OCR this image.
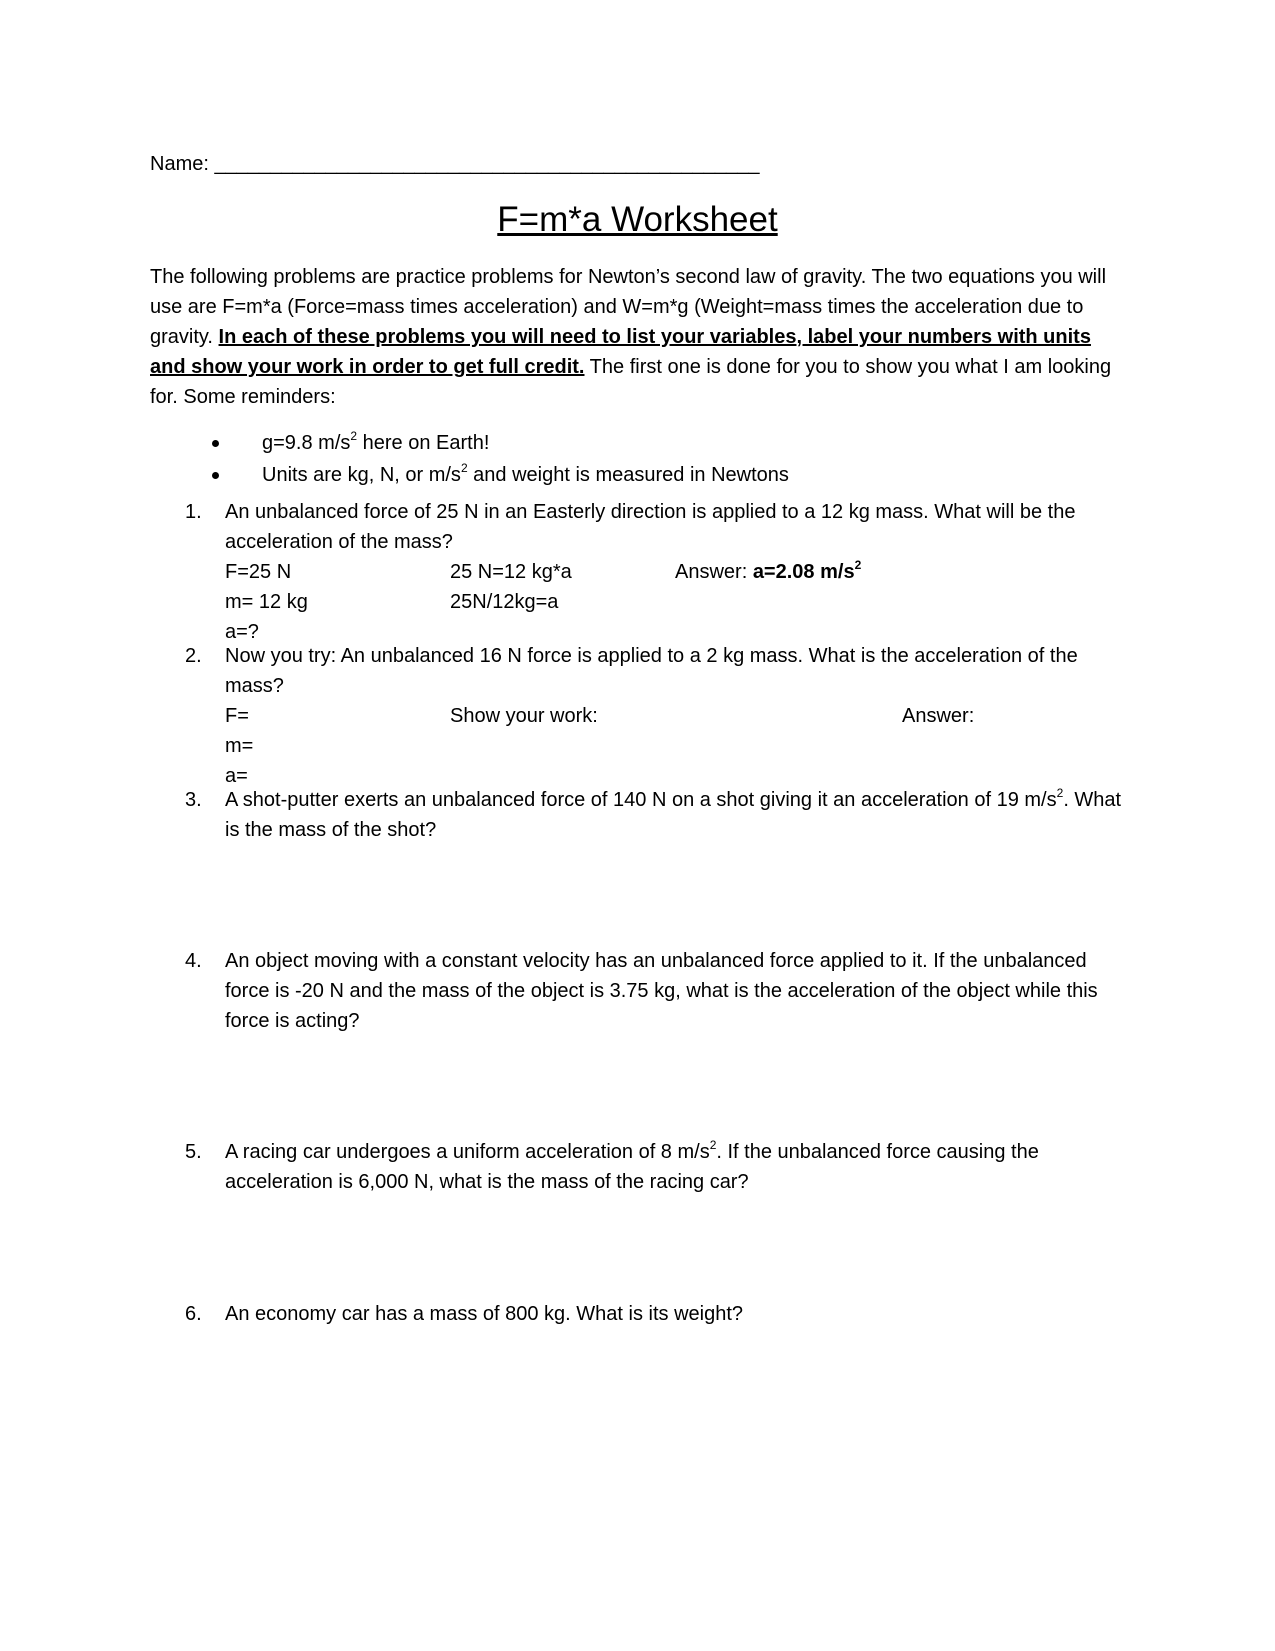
Name: _________________________________________________
F=m*a Worksheet
The following problems are practice problems for Newton’s second law of gravity. The two equations you will use are F=m*a (Force=mass times acceleration) and W=m*g (Weight=mass times the acceleration due to gravity. In each of these problems you will need to list your variables, label your numbers with units and show your work in order to get full credit. The first one is done for you to show you what I am looking for. Some reminders:
g=9.8 $m/s^2$ here on Earth!
Units are kg, N, or $m/s^2$ and weight is measured in Newtons
1. An unbalanced force of 25 N in an Easterly direction is applied to a 12 kg mass. What will be the acceleration of the mass?
F=25 N	25 N=12 kg*a	Answer: a=2.08 $m/s^2$
m= 12 kg	25N/12kg=a
a=?
2. Now you try: An unbalanced 16 N force is applied to a 2 kg mass. What is the acceleration of the mass?
F=	Show your work:	Answer:
m=
a=
3. A shot-putter exerts an unbalanced force of 140 N on a shot giving it an acceleration of 19 $m/s^2$. What is the mass of the shot?
4. An object moving with a constant velocity has an unbalanced force applied to it. If the unbalanced force is -20 N and the mass of the object is 3.75 kg, what is the acceleration of the object while this force is acting?
5. A racing car undergoes a uniform acceleration of 8 $m/s^2$. If the unbalanced force causing the acceleration is 6,000 N, what is the mass of the racing car?
6. An economy car has a mass of 800 kg. What is its weight?
